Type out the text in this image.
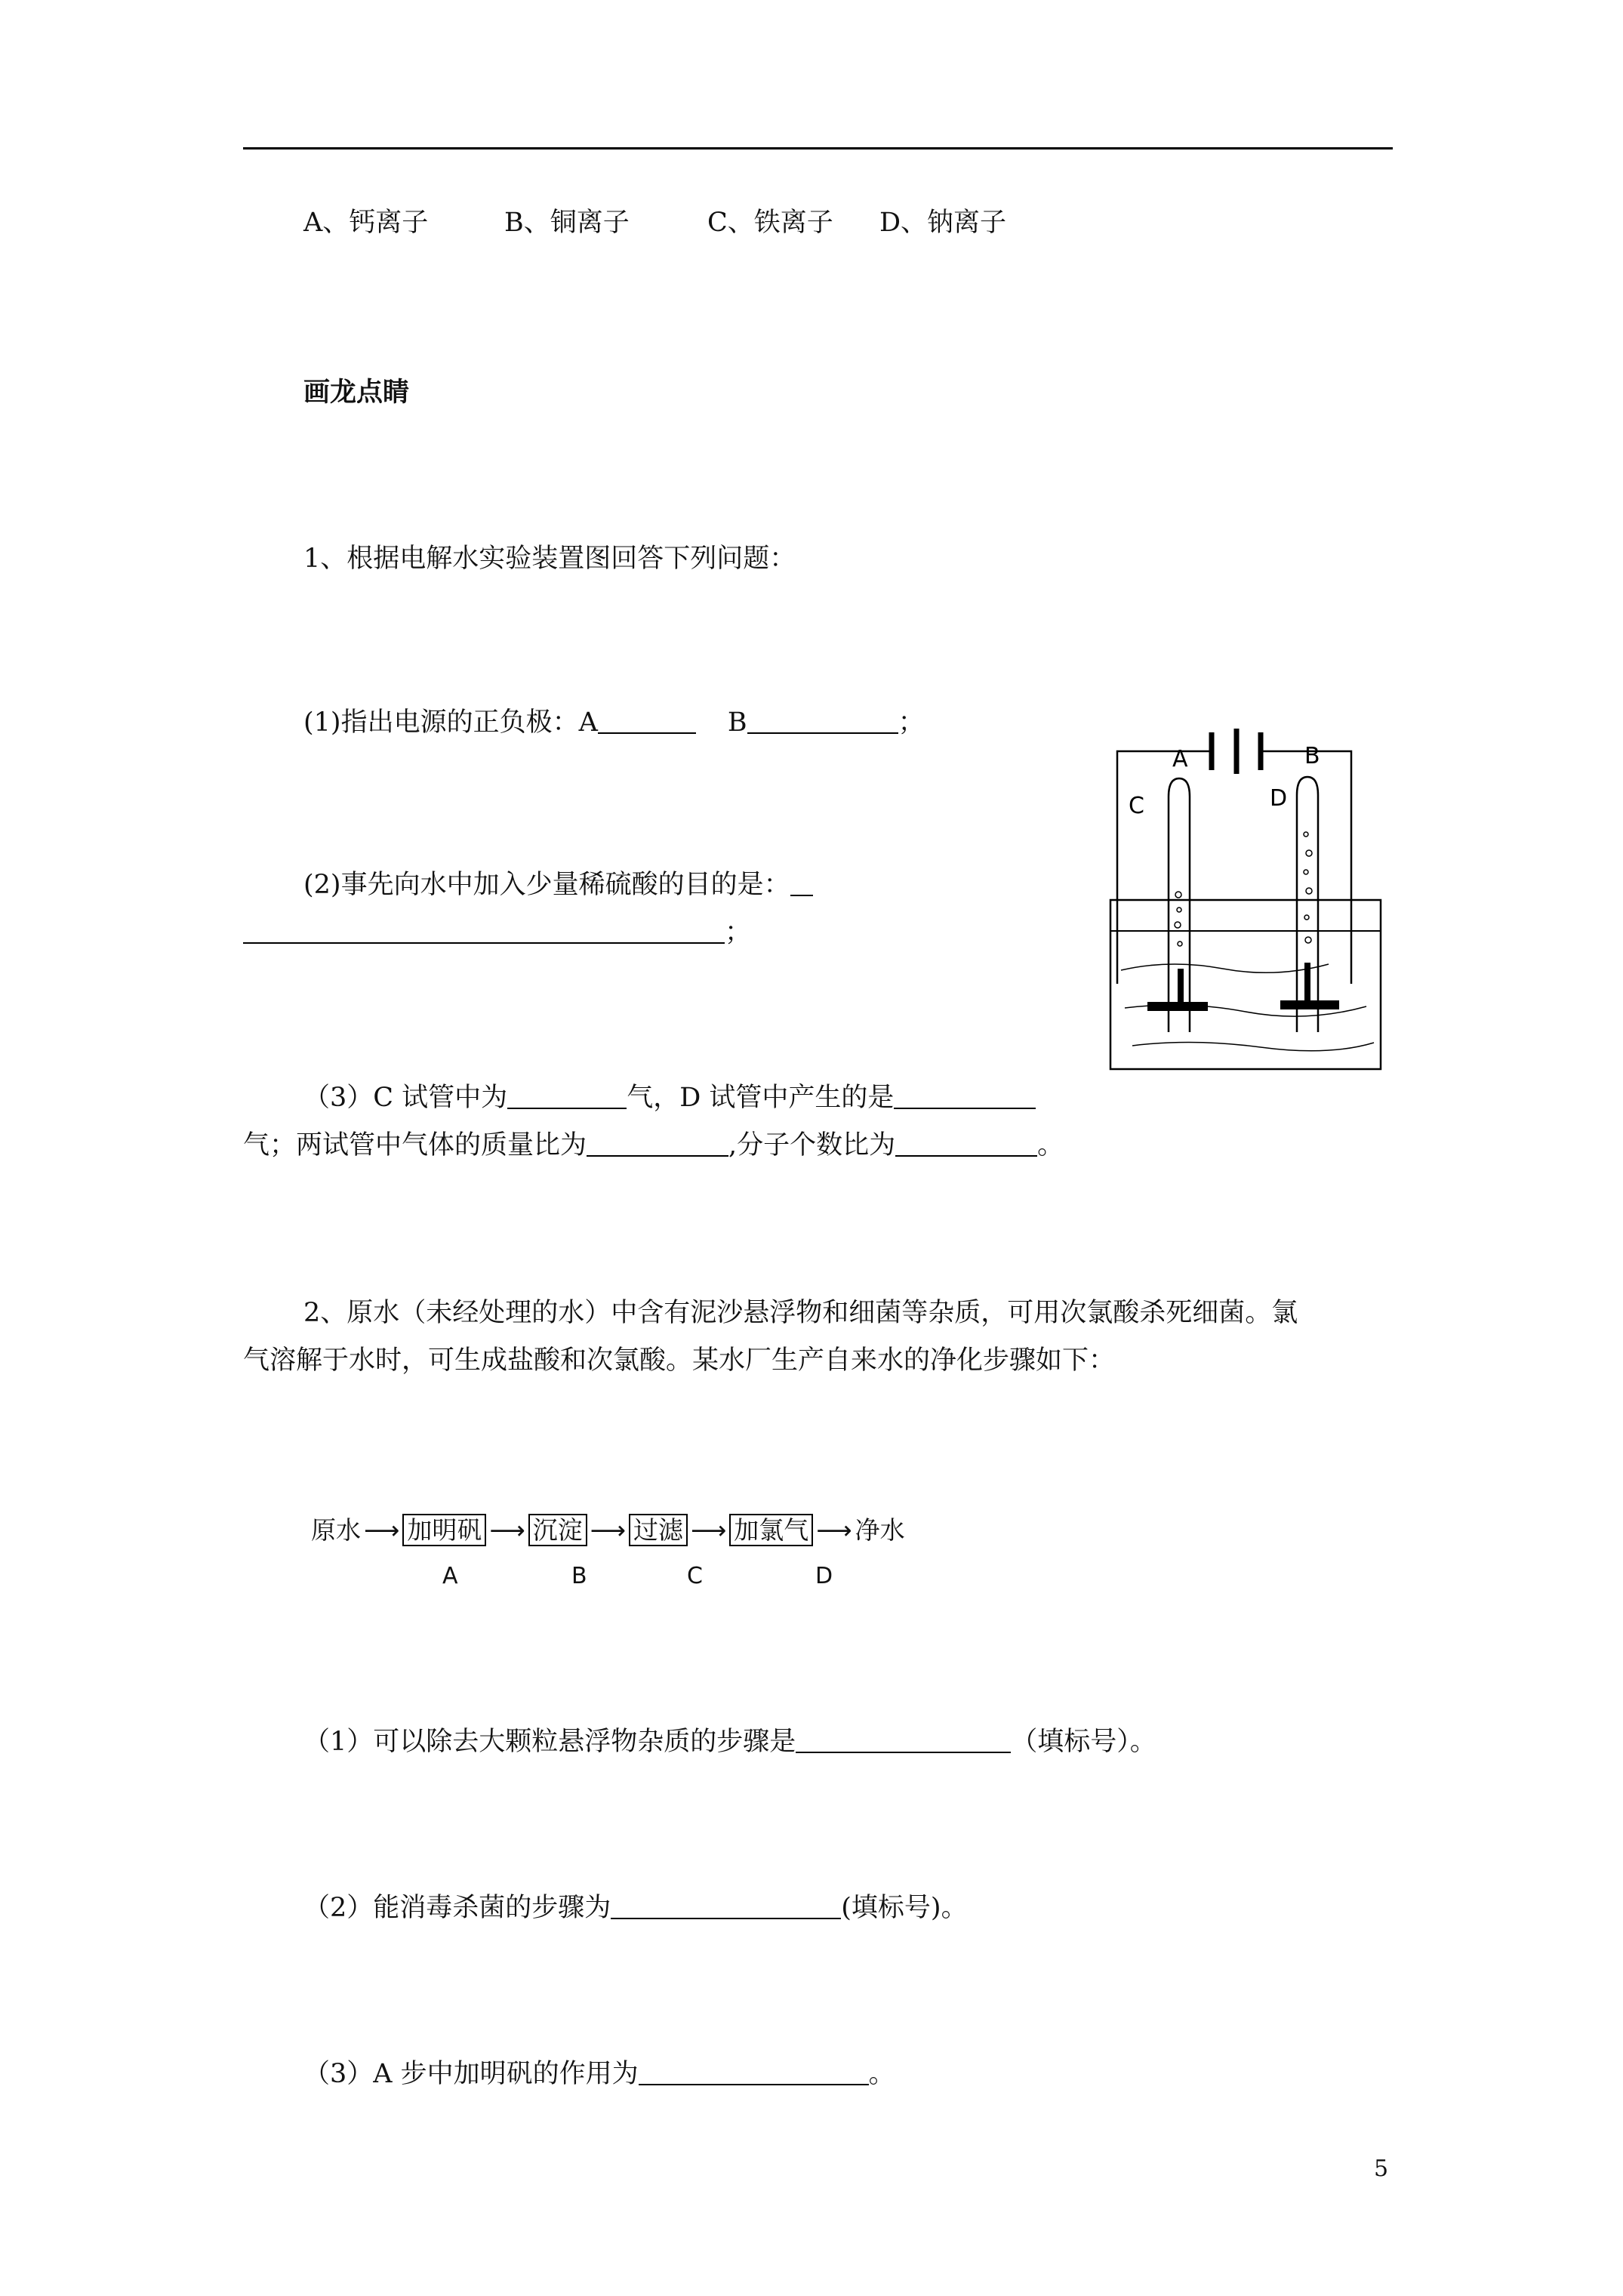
A、钙离子	B、铜离子	C、铁离子 D、钠离子
画龙点睛
1、根据电解水实验装置图回答下列问题：
(1)指出电源的正负极：A	B	；
(2)事先向水中加入少量稀硫酸的目的是：
；
（3）C 试管中为	气，D 试管中产生的是
气；两试管中气体的质量比为	,分子个数比为	。
A	B
C	D
2、原水（未经处理的水）中含有泥沙悬浮物和细菌等杂质，可用次氯酸杀死细菌。氯
气溶解于水时，可生成盐酸和次氯酸。某水厂生产自来水的净化步骤如下：
原水 ⟶ 加明矾 ⟶ 沉淀 ⟶ 过滤 ⟶ 加氯气 ⟶ 净水
A	B	C	D
（1）可以除去大颗粒悬浮物杂质的步骤是	（填标号）。
（2）能消毒杀菌的步骤为	(填标号)。
（3）A 步中加明矾的作用为	。
5
